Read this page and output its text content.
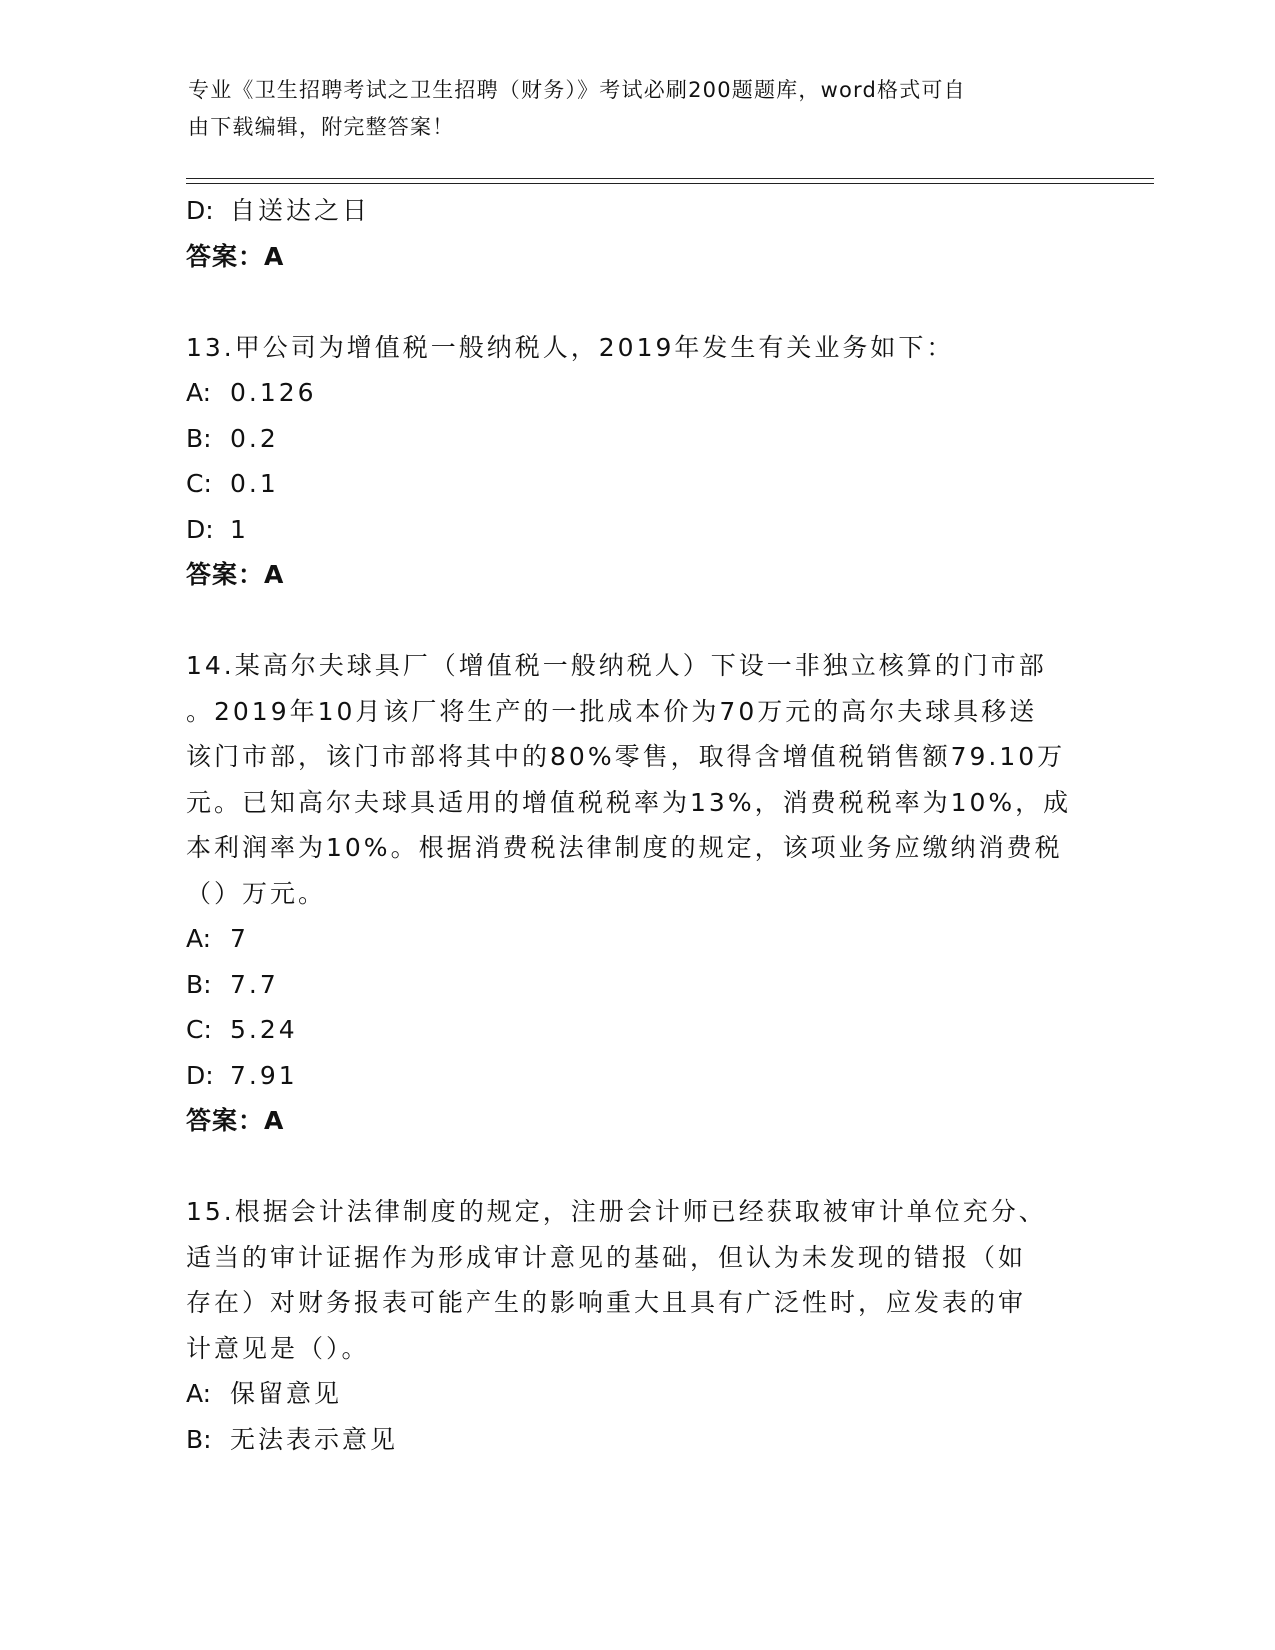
专业《卫生招聘考试之卫生招聘（财务）》考试必刷200题题库，word格式可自
由下载编辑，附完整答案！
D: 自送达之日
答案：A
13.甲公司为增值税一般纳税人，2019年发生有关业务如下：
A: 0.126
B: 0.2
C: 0.1
D: 1
答案：A
14.某高尔夫球具厂（增值税一般纳税人）下设一非独立核算的门市部
。2019年10月该厂将生产的一批成本价为70万元的高尔夫球具移送
该门市部，该门市部将其中的80%零售，取得含增值税销售额79.10万
元。已知高尔夫球具适用的增值税税率为13%，消费税税率为10%，成
本利润率为10%。根据消费税法律制度的规定，该项业务应缴纳消费税
（）万元。
A: 7
B: 7.7
C: 5.24
D: 7.91
答案：A
15.根据会计法律制度的规定，注册会计师已经获取被审计单位充分、
适当的审计证据作为形成审计意见的基础，但认为未发现的错报（如
存在）对财务报表可能产生的影响重大且具有广泛性时，应发表的审
计意见是（）。
A: 保留意见
B: 无法表示意见
